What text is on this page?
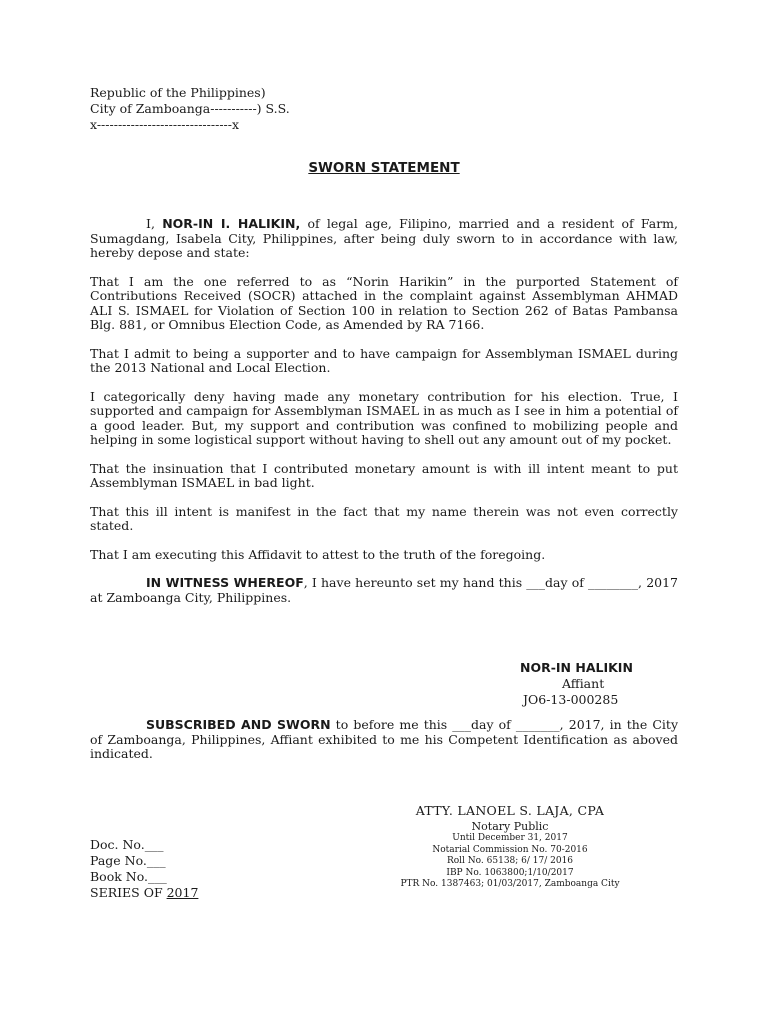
Republic of the Philippines)
City of Zamboanga-----------) S.S.
x--------------------------------x
SWORN STATEMENT

I, NOR-IN I. HALIKIN, of legal age, Filipino, married and a resident of Farm, Sumagdang, Isabela City, Philippines, after being duly sworn to in accordance with law, hereby depose and state:

That I am the one referred to as “Norin Harikin” in the purported Statement of Contributions Received (SOCR) attached in the complaint against Assemblyman AHMAD ALI S. ISMAEL for Violation of Section 100 in relation to Section 262 of Batas Pambansa Blg. 881, or Omnibus Election Code, as Amended by RA 7166.

That I admit to being a supporter and to have campaign for Assemblyman ISMAEL during the 2013 National and Local Election.

I categorically deny having made any monetary contribution for his election. True, I supported and campaign for Assemblyman ISMAEL in as much as I see in him a potential of a good leader. But, my support and contribution was confined to mobilizing people and helping in some logistical support without having to shell out any amount out of my pocket.

That the insinuation that I contributed monetary amount is with ill intent meant to put Assemblyman ISMAEL in bad light.

That this ill intent is manifest in the fact that my name therein was not even correctly stated.

That I am executing this Affidavit to attest to the truth of the foregoing.

IN WITNESS WHEREOF, I have hereunto set my hand this ___day of ________, 2017 at Zamboanga City, Philippines.

NOR-IN HALIKIN
Affiant
JO6-13-000285

SUBSCRIBED AND SWORN to before me this ___day of _______, 2017, in the City of Zamboanga, Philippines, Affiant exhibited to me his Competent Identification as aboved indicated.

ATTY. LANOEL S. LAJA, CPA
Notary Public
Until December 31, 2017
Notarial Commission No. 70-2016
Roll No. 65138; 6/ 17/ 2016
IBP No. 1063800;1/10/2017
PTR No. 1387463; 01/03/2017, Zamboanga City
Doc. No.___
Page No.___
Book No.___
SERIES OF 2017
